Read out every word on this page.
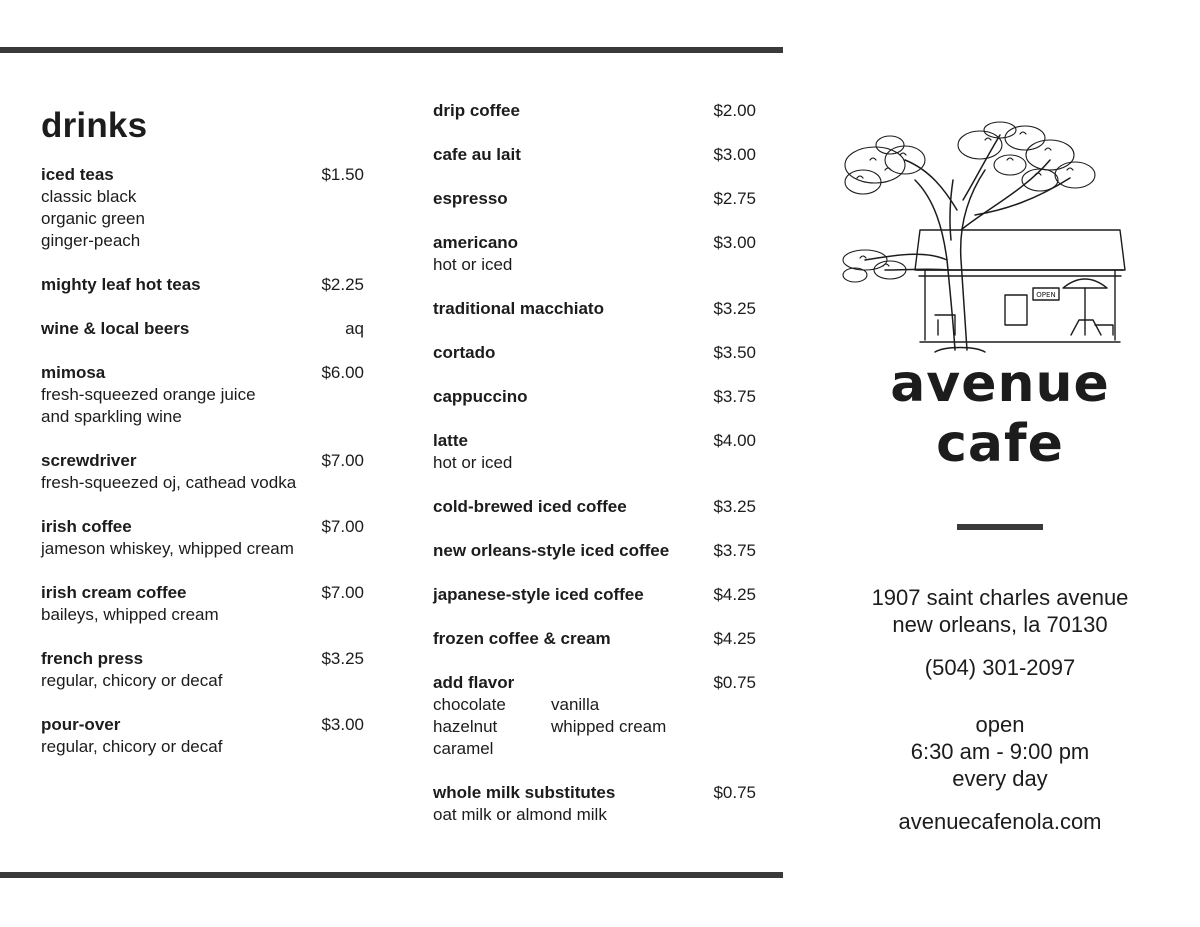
drinks
iced teas	$1.50
classic black
organic green
ginger-peach
mighty leaf hot teas	$2.25
wine & local beers	aq
mimosa	$6.00
fresh-squeezed orange juice
and sparkling wine
screwdriver	$7.00
fresh-squeezed oj, cathead vodka
irish coffee	$7.00
jameson whiskey, whipped cream
irish cream coffee	$7.00
baileys, whipped cream
french press	$3.25
regular, chicory or decaf
pour-over	$3.00
regular, chicory or decaf
drip coffee	$2.00
cafe au lait	$3.00
espresso	$2.75
americano	$3.00
hot or iced
traditional macchiato	$3.25
cortado	$3.50
cappuccino	$3.75
latte	$4.00
hot or iced
cold-brewed iced coffee	$3.25
new orleans-style iced coffee	$3.75
japanese-style iced coffee	$4.25
frozen coffee & cream	$4.25
add flavor	$0.75
chocolate	vanilla
hazelnut	whipped cream
caramel
whole milk substitutes	$0.75
oat milk or almond milk
OPEN
avenue cafe
1907 saint charles avenue
new orleans, la 70130
(504) 301-2097
open
6:30 am - 9:00 pm
every day
avenuecafenola.com
